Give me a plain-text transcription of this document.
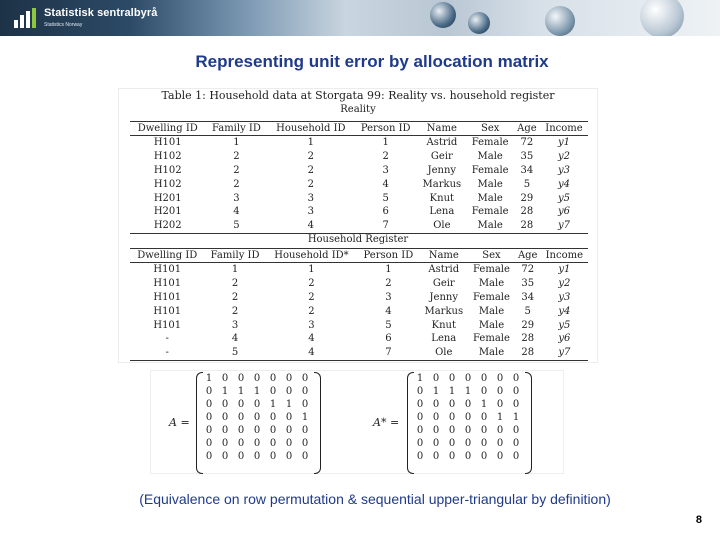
Statistisk sentralbyrå
Statistics Norway
Representing unit error by allocation matrix
Table 1: Household data at Storgata 99: Reality vs. household register
Reality
Dwelling ID	Family ID	Household ID	Person ID	Name	Sex	Age	Income
H101	1	1	1	Astrid	Female	72	y1
H102	2	2	2	Geir	Male	35	y2
H102	2	2	3	Jenny	Female	34	y3
H102	2	2	4	Markus	Male	5	y4
H201	3	3	5	Knut	Male	29	y5
H201	4	3	6	Lena	Female	28	y6
H202	5	4	7	Ole	Male	28	y7
Household Register
Dwelling ID	Family ID	Household ID*	Person ID	Name	Sex	Age	Income
H101	1	1	1	Astrid	Female	72	y1
H101	2	2	2	Geir	Male	35	y2
H101	2	2	3	Jenny	Female	34	y3
H101	2	2	4	Markus	Male	5	y4
H101	3	3	5	Knut	Male	29	y5
-	4	4	6	Lena	Female	28	y6
-	5	4	7	Ole	Male	28	y7
A =
1 0 0 0 0 0 0
0 1 1 1 0 0 0
0 0 0 0 1 1 0
0 0 0 0 0 0 1
0 0 0 0 0 0 0
0 0 0 0 0 0 0
0 0 0 0 0 0 0
A* =
1 0 0 0 0 0 0
0 1 1 1 0 0 0
0 0 0 0 1 0 0
0 0 0 0 0 1 1
0 0 0 0 0 0 0
0 0 0 0 0 0 0
0 0 0 0 0 0 0
(Equivalence on row permutation & sequential upper-triangular by definition)
8
